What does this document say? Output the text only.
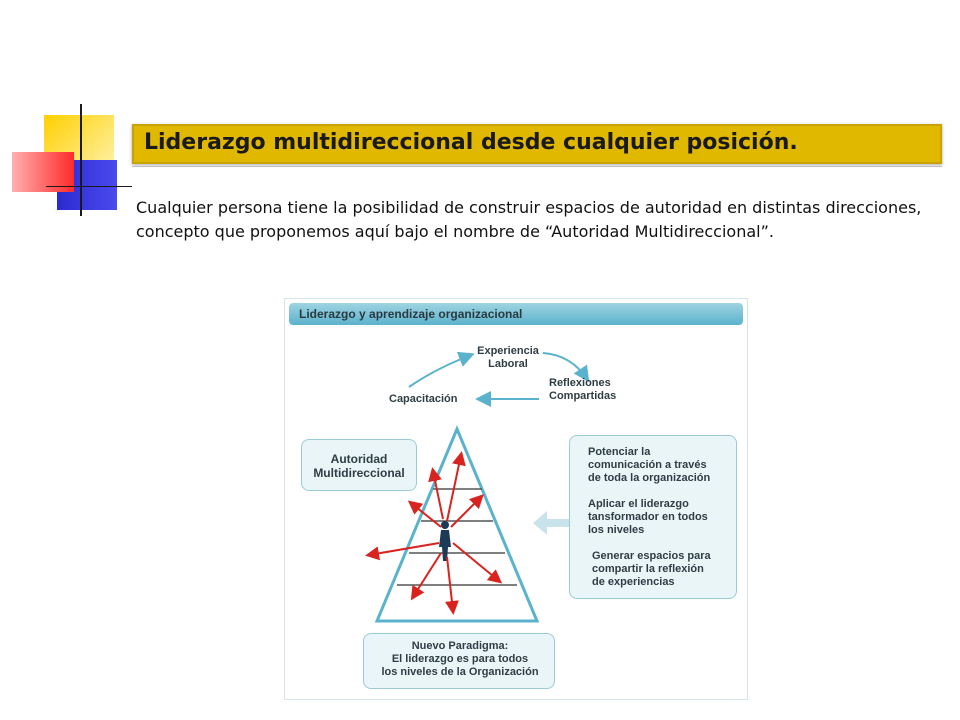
Liderazgo multidireccional desde cualquier posición.
Cualquier persona tiene la posibilidad de construir espacios de autoridad en distintas direcciones, concepto que proponemos aquí bajo el nombre de “Autoridad Multidireccional”.
Liderazgo y aprendizaje organizacional
Experiencia
Laboral
Reflexiones
Compartidas
Capacitación
Autoridad
Multidireccional
Potenciar la
comunicación a través
de toda la organización
Aplicar el liderazgo
tansformador en todos
los niveles
Generar espacios para
compartir la reflexión
de experiencias
Nuevo Paradigma:
El liderazgo es para todos
los niveles de la Organización
